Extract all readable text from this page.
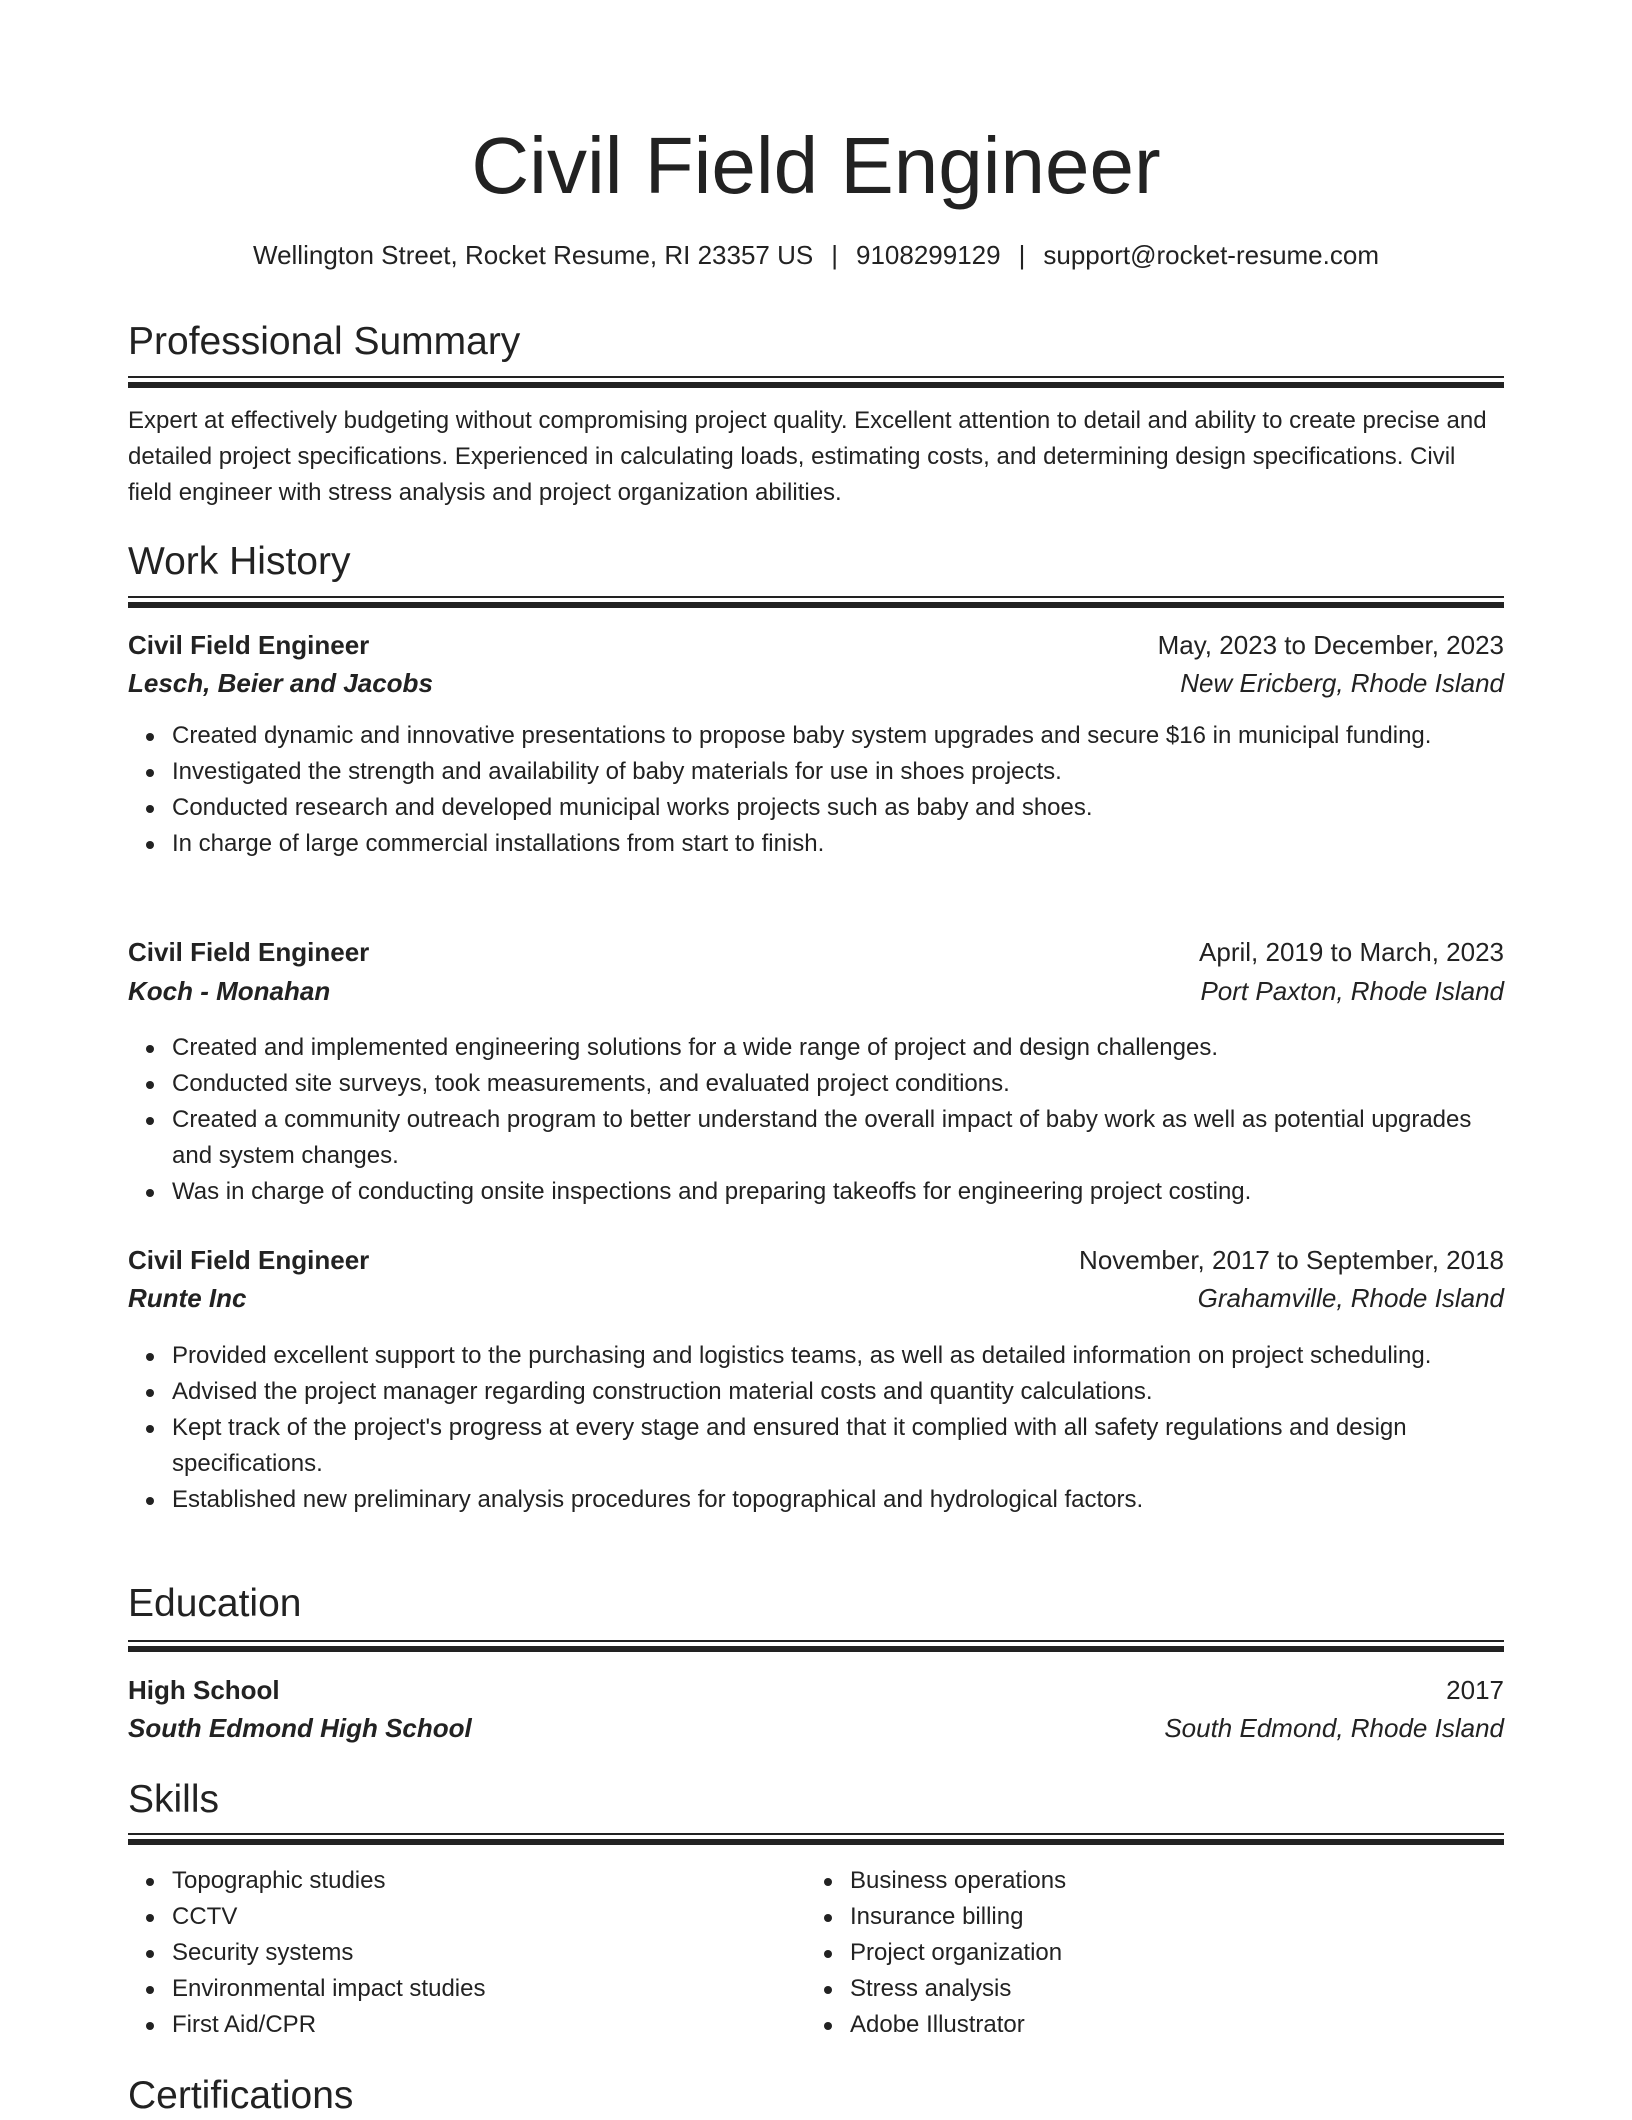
Civil Field Engineer
Wellington Street, Rocket Resume, RI 23357 US | 9108299129 | support@rocket-resume.com
Professional Summary

Expert at effectively budgeting without compromising project quality. Excellent attention to detail and ability to create precise and detailed project specifications. Experienced in calculating loads, estimating costs, and determining design specifications. Civil field engineer with stress analysis and project organization abilities.

Work History
Civil Field Engineer	May, 2023 to December, 2023
Lesch, Beier and Jacobs	New Ericberg, Rhode Island
Created dynamic and innovative presentations to propose baby system upgrades and secure $16 in municipal funding.
Investigated the strength and availability of baby materials for use in shoes projects.
Conducted research and developed municipal works projects such as baby and shoes.
In charge of large commercial installations from start to finish.
Civil Field Engineer	April, 2019 to March, 2023
Koch - Monahan	Port Paxton, Rhode Island
Created and implemented engineering solutions for a wide range of project and design challenges.
Conducted site surveys, took measurements, and evaluated project conditions.
Created a community outreach program to better understand the overall impact of baby work as well as potential upgrades and system changes.
Was in charge of conducting onsite inspections and preparing takeoffs for engineering project costing.
Civil Field Engineer	November, 2017 to September, 2018
Runte Inc	Grahamville, Rhode Island
Provided excellent support to the purchasing and logistics teams, as well as detailed information on project scheduling.
Advised the project manager regarding construction material costs and quantity calculations.
Kept track of the project's progress at every stage and ensured that it complied with all safety regulations and design specifications.
Established new preliminary analysis procedures for topographical and hydrological factors.
Education
High School	2017
South Edmond High School	South Edmond, Rhode Island
Skills
Topographic studies
CCTV
Security systems
Environmental impact studies
First Aid/CPR
Business operations
Insurance billing
Project organization
Stress analysis
Adobe Illustrator
Certifications
